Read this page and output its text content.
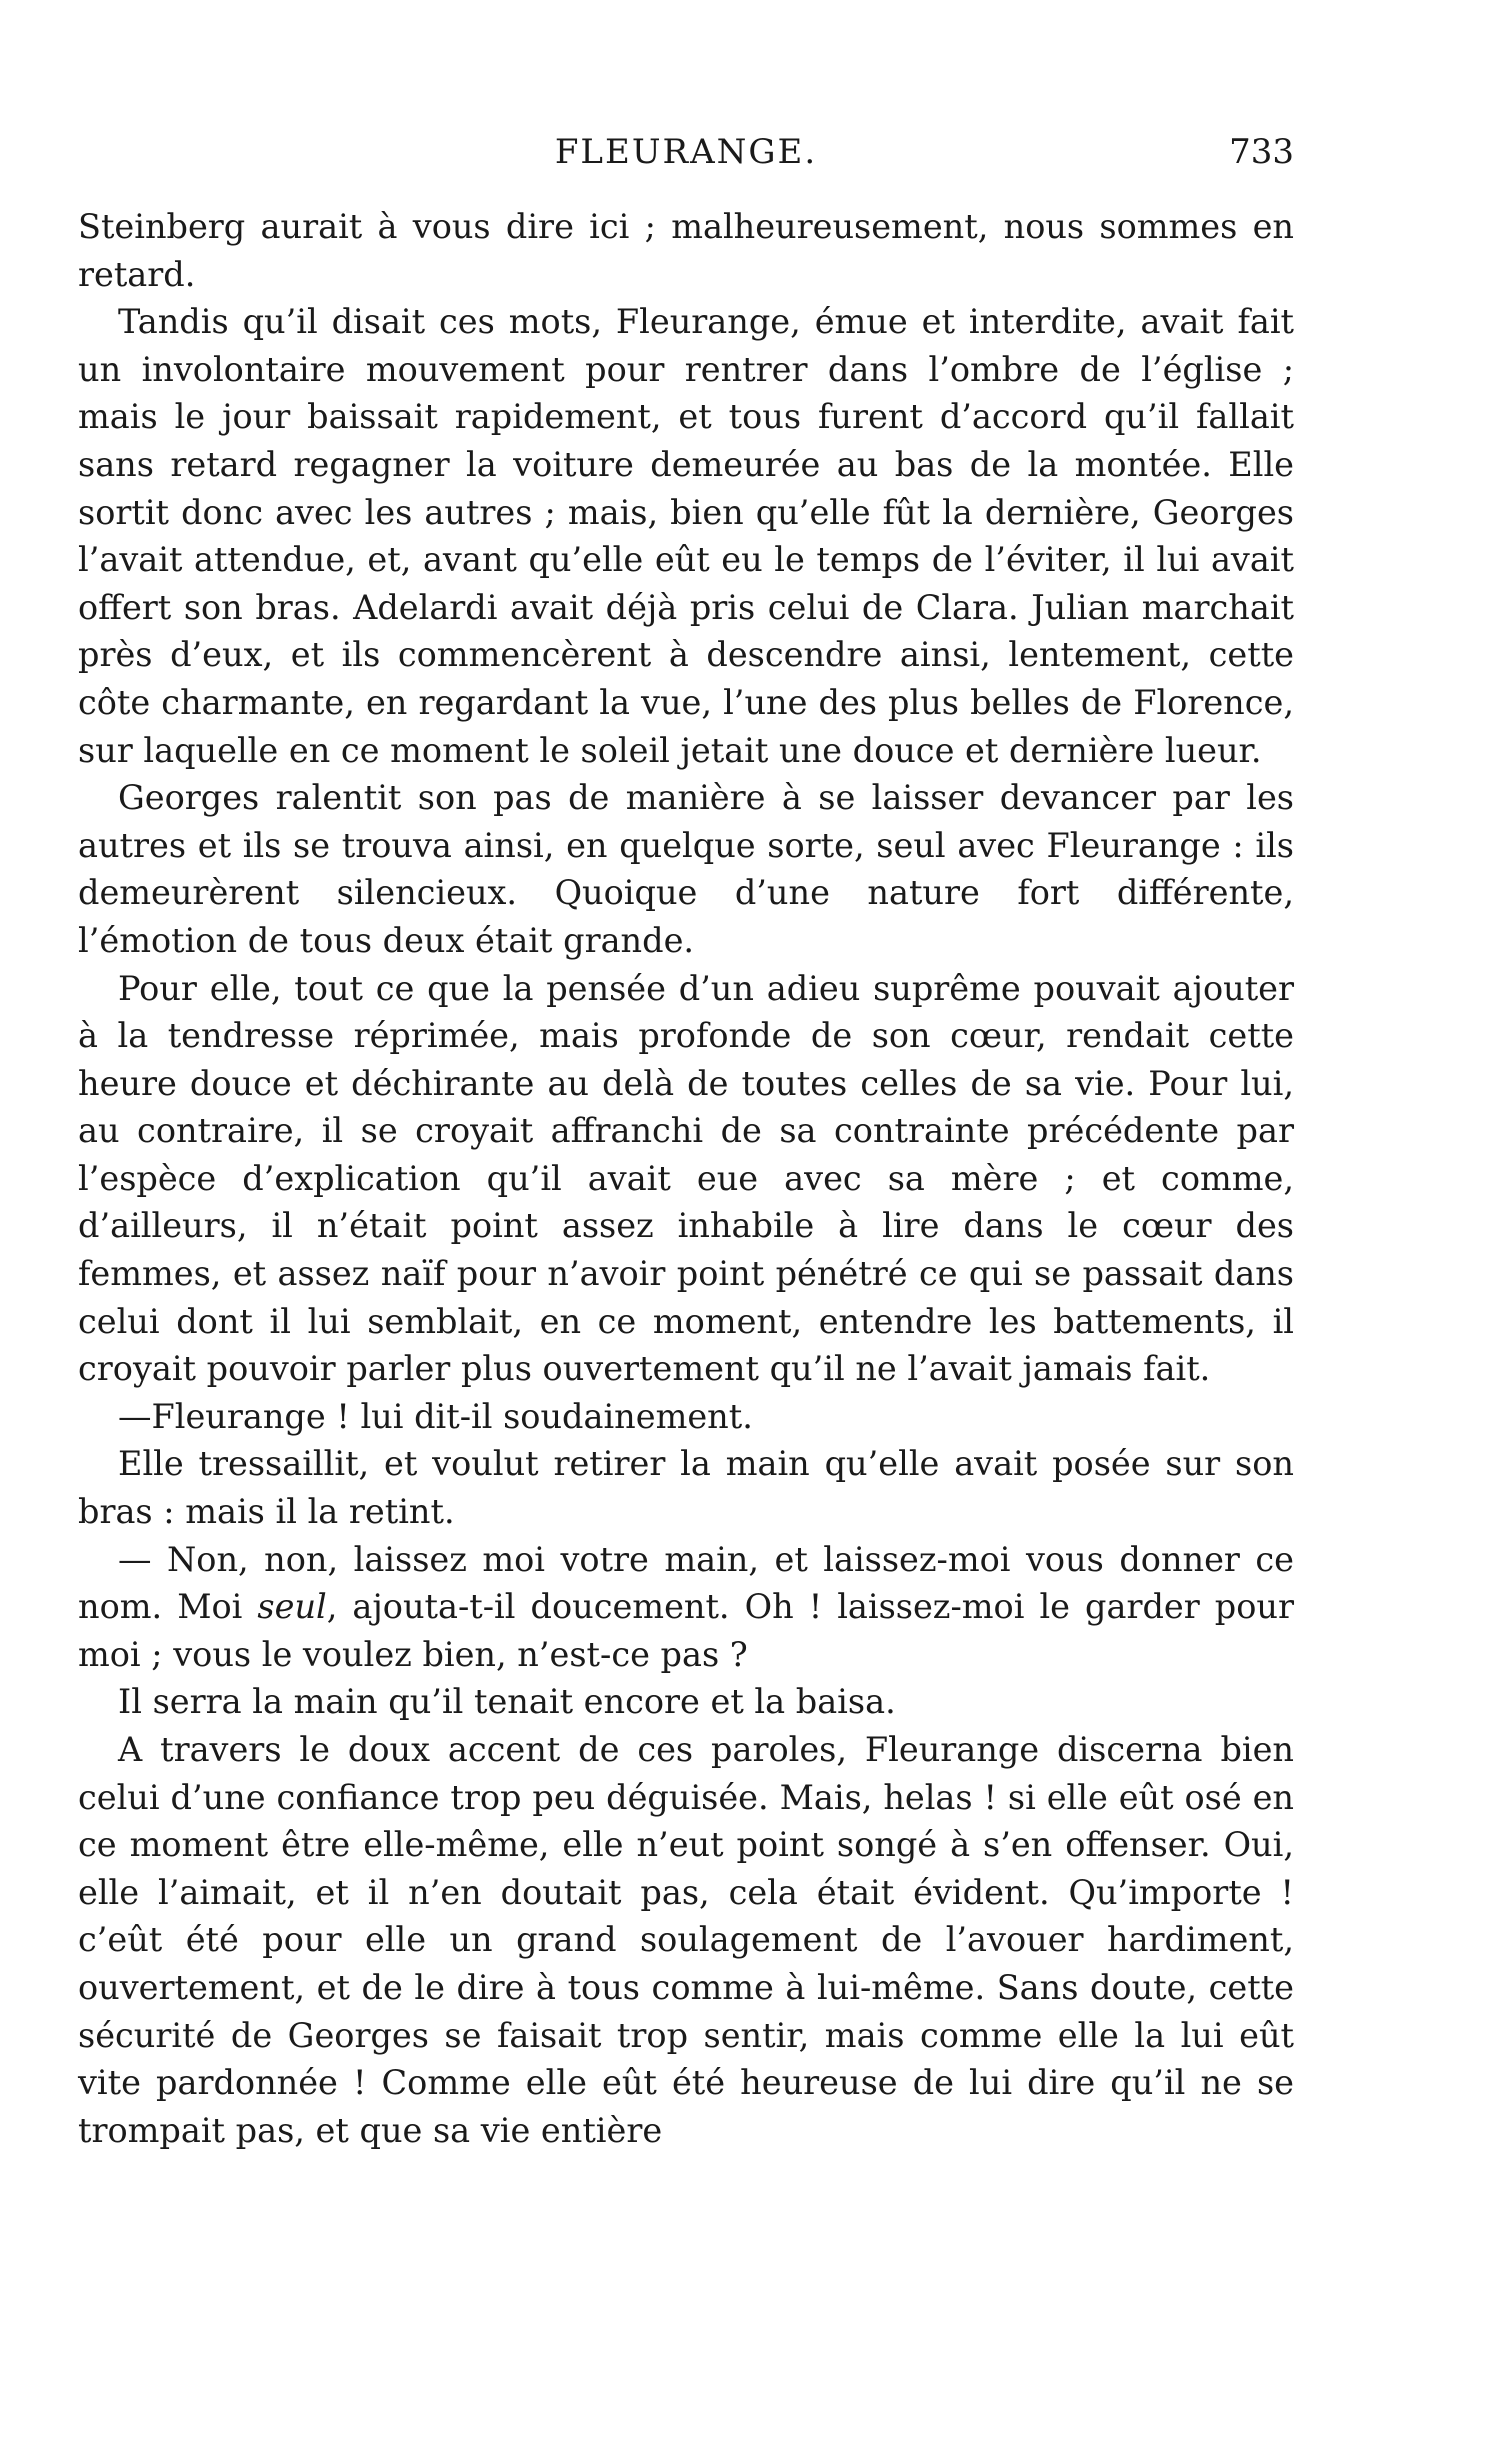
FLEURANGE.	733

Steinberg aurait à vous dire ici ; malheureusement, nous sommes en retard.

Tandis qu’il disait ces mots, Fleurange, émue et interdite, avait fait un involontaire mouvement pour rentrer dans l’ombre de l’église ; mais le jour baissait rapidement, et tous furent d’accord qu’il fallait sans retard regagner la voiture demeurée au bas de la montée. Elle sortit donc avec les autres ; mais, bien qu’elle fût la dernière, Georges l’avait attendue, et, avant qu’elle eût eu le temps de l’éviter, il lui avait offert son bras. Adelardi avait déjà pris celui de Clara. Julian marchait près d’eux, et ils commencèrent à descendre ainsi, lentement, cette côte charmante, en regardant la vue, l’une des plus belles de Florence, sur laquelle en ce moment le soleil jetait une douce et dernière lueur.

Georges ralentit son pas de manière à se laisser devancer par les autres et ils se trouva ainsi, en quelque sorte, seul avec Fleurange : ils demeurèrent silencieux. Quoique d’une nature fort différente, l’émotion de tous deux était grande.

Pour elle, tout ce que la pensée d’un adieu suprême pouvait ajouter à la tendresse réprimée, mais profonde de son cœur, rendait cette heure douce et déchirante au delà de toutes celles de sa vie. Pour lui, au contraire, il se croyait affranchi de sa contrainte précédente par l’espèce d’explication qu’il avait eue avec sa mère ; et comme, d’ailleurs, il n’était point assez inhabile à lire dans le cœur des femmes, et assez naïf pour n’avoir point pénétré ce qui se passait dans celui dont il lui semblait, en ce moment, entendre les battements, il croyait pouvoir parler plus ouvertement qu’il ne l’avait jamais fait.

—Fleurange ! lui dit-il soudainement.

Elle tressaillit, et voulut retirer la main qu’elle avait posée sur son bras : mais il la retint.

— Non, non, laissez moi votre main, et laissez-moi vous donner ce nom. Moi seul, ajouta-t-il doucement. Oh ! laissez-moi le garder pour moi ; vous le voulez bien, n’est-ce pas ?

Il serra la main qu’il tenait encore et la baisa.

A travers le doux accent de ces paroles, Fleurange discerna bien celui d’une confiance trop peu déguisée. Mais, helas ! si elle eût osé en ce moment être elle-même, elle n’eut point songé à s’en offenser. Oui, elle l’aimait, et il n’en doutait pas, cela était évident. Qu’importe ! c’eût été pour elle un grand soulagement de l’avouer hardiment, ouvertement, et de le dire à tous comme à lui-même. Sans doute, cette sécurité de Georges se faisait trop sentir, mais comme elle la lui eût vite pardonnée ! Comme elle eût été heureuse de lui dire qu’il ne se trompait pas, et que sa vie entière
